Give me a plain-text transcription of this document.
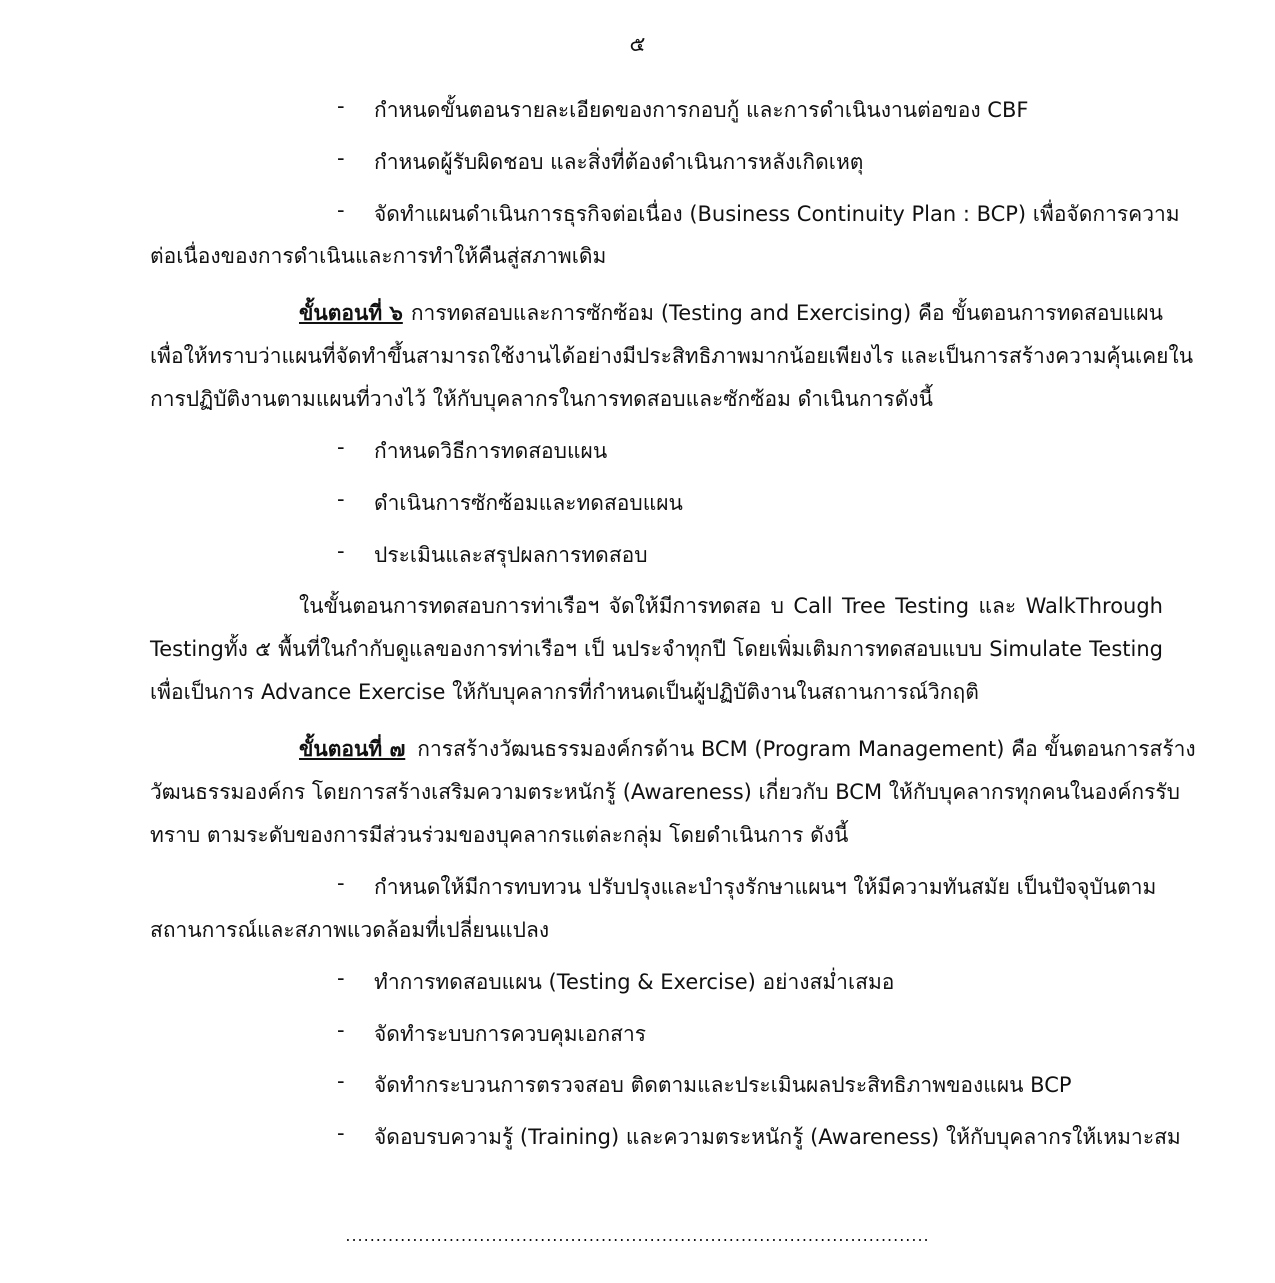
๕
- กำหนดขั้นตอนรายละเอียดของการกอบกู้ และการดำเนินงานต่อของ CBF
- กำหนดผู้รับผิดชอบ และสิ่งที่ต้องดำเนินการหลังเกิดเหตุ
- จัดทำแผนดำเนินการธุรกิจต่อเนื่อง (Business Continuity Plan : BCP) เพื่อจัดการความ
ต่อเนื่องของการดำเนินและการทำให้คืนสู่สภาพเดิม
ขั้นตอนที่ ๖ การทดสอบและการซักซ้อม (Testing and Exercising) คือ ขั้นตอนการทดสอบแผน
เพื่อให้ทราบว่าแผนที่จัดทำขึ้นสามารถใช้งานได้อย่างมีประสิทธิภาพมากน้อยเพียงไร และเป็นการสร้างความคุ้นเคยใน
การปฏิบัติงานตามแผนที่วางไว้ ให้กับบุคลากรในการทดสอบและซักซ้อม ดำเนินการดังนี้
- กำหนดวิธีการทดสอบแผน
- ดำเนินการซักซ้อมและทดสอบแผน
- ประเมินและสรุปผลการทดสอบ
ในขั้นตอนการทดสอบการท่าเรือฯ จัดให้มีการทดสอ บ Call Tree Testing และ WalkThrough
Testingทั้ง ๕ พื้นที่ในกำกับดูแลของการท่าเรือฯ เป็ นประจำทุกปี โดยเพิ่มเติมการทดสอบแบบ Simulate Testing
เพื่อเป็นการ Advance Exercise ให้กับบุคลากรที่กำหนดเป็นผู้ปฏิบัติงานในสถานการณ์วิกฤติ
ขั้นตอนที่ ๗ การสร้างวัฒนธรรมองค์กรด้าน BCM (Program Management) คือ ขั้นตอนการสร้าง
วัฒนธรรมองค์กร โดยการสร้างเสริมความตระหนักรู้ (Awareness) เกี่ยวกับ BCM ให้กับบุคลากรทุกคนในองค์กรรับ
ทราบ ตามระดับของการมีส่วนร่วมของบุคลากรแต่ละกลุ่ม โดยดำเนินการ ดังนี้
- กำหนดให้มีการทบทวน ปรับปรุงและบำรุงรักษาแผนฯ ให้มีความทันสมัย เป็นปัจจุบันตาม
สถานการณ์และสภาพแวดล้อมที่เปลี่ยนแปลง
- ทำการทดสอบแผน (Testing & Exercise) อย่างสม่ำเสมอ
- จัดทำระบบการควบคุมเอกสาร
- จัดทำกระบวนการตรวจสอบ ติดตามและประเมินผลประสิทธิภาพของแผน BCP
- จัดอบรบความรู้ (Training) และความตระหนักรู้ (Awareness) ให้กับบุคลากรให้เหมาะสม
................................................................................................
